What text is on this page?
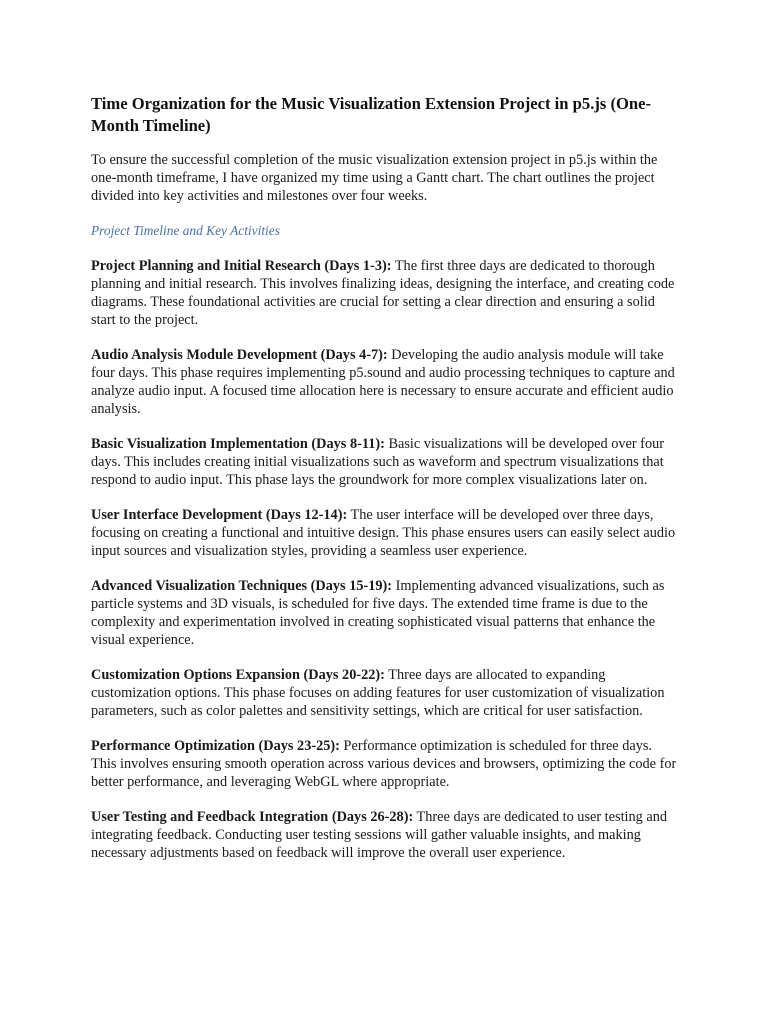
Time Organization for the Music Visualization Extension Project in p5.js (One-Month Timeline)

To ensure the successful completion of the music visualization extension project in p5.js within the one-month timeframe, I have organized my time using a Gantt chart. The chart outlines the project divided into key activities and milestones over four weeks.

Project Timeline and Key Activities

Project Planning and Initial Research (Days 1-3): The first three days are dedicated to thorough planning and initial research. This involves finalizing ideas, designing the interface, and creating code diagrams. These foundational activities are crucial for setting a clear direction and ensuring a solid start to the project.

Audio Analysis Module Development (Days 4-7): Developing the audio analysis module will take four days. This phase requires implementing p5.sound and audio processing techniques to capture and analyze audio input. A focused time allocation here is necessary to ensure accurate and efficient audio analysis.

Basic Visualization Implementation (Days 8-11): Basic visualizations will be developed over four days. This includes creating initial visualizations such as waveform and spectrum visualizations that respond to audio input. This phase lays the groundwork for more complex visualizations later on.

User Interface Development (Days 12-14): The user interface will be developed over three days, focusing on creating a functional and intuitive design. This phase ensures users can easily select audio input sources and visualization styles, providing a seamless user experience.

Advanced Visualization Techniques (Days 15-19): Implementing advanced visualizations, such as particle systems and 3D visuals, is scheduled for five days. The extended time frame is due to the complexity and experimentation involved in creating sophisticated visual patterns that enhance the visual experience.

Customization Options Expansion (Days 20-22): Three days are allocated to expanding customization options. This phase focuses on adding features for user customization of visualization parameters, such as color palettes and sensitivity settings, which are critical for user satisfaction.

Performance Optimization (Days 23-25): Performance optimization is scheduled for three days. This involves ensuring smooth operation across various devices and browsers, optimizing the code for better performance, and leveraging WebGL where appropriate.

User Testing and Feedback Integration (Days 26-28): Three days are dedicated to user testing and integrating feedback. Conducting user testing sessions will gather valuable insights, and making necessary adjustments based on feedback will improve the overall user experience.
